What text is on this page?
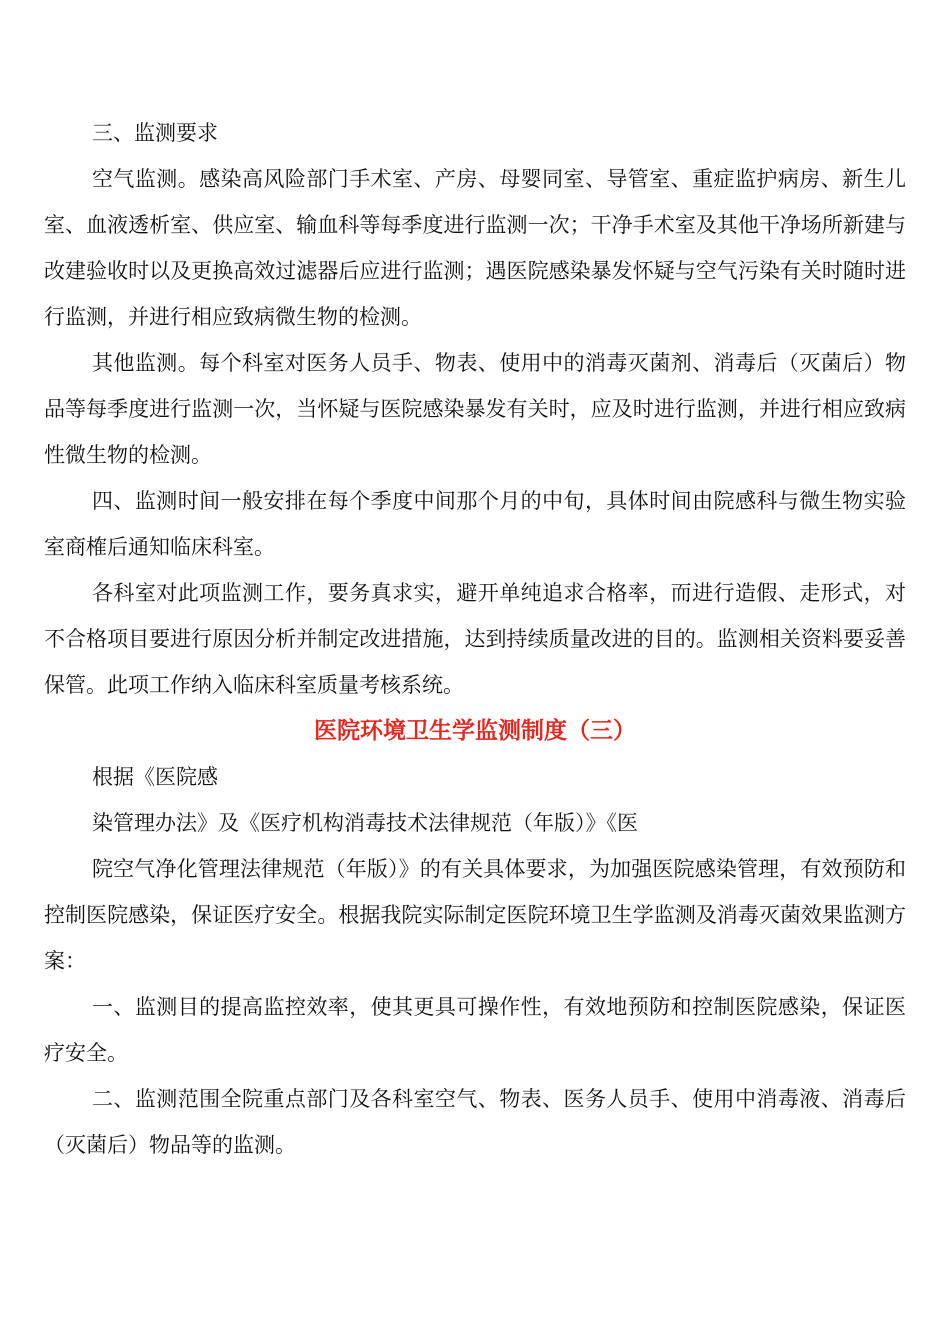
三、监测要求

空气监测。感染高风险部门手术室、产房、母婴同室、导管室、重症监护病房、新生儿室、血液透析室、供应室、输血科等每季度进行监测一次；干净手术室及其他干净场所新建与改建验收时以及更换高效过滤器后应进行监测；遇医院感染暴发怀疑与空气污染有关时随时进行监测，并进行相应致病微生物的检测。

其他监测。每个科室对医务人员手、物表、使用中的消毒灭菌剂、消毒后（灭菌后）物品等每季度进行监测一次，当怀疑与医院感染暴发有关时，应及时进行监测，并进行相应致病性微生物的检测。

四、监测时间一般安排在每个季度中间那个月的中旬，具体时间由院感科与微生物实验室商榷后通知临床科室。

各科室对此项监测工作，要务真求实，避开单纯追求合格率，而进行造假、走形式，对不合格项目要进行原因分析并制定改进措施，达到持续质量改进的目的。监测相关资料要妥善保管。此项工作纳入临床科室质量考核系统。

医院环境卫生学监测制度（三）

根据《医院感

染管理办法》及《医疗机构消毒技术法律规范（年版）》《医

院空气净化管理法律规范（年版）》的有关具体要求，为加强医院感染管理，有效预防和控制医院感染，保证医疗安全。根据我院实际制定医院环境卫生学监测及消毒灭菌效果监测方案：

一、监测目的提高监控效率，使其更具可操作性，有效地预防和控制医院感染，保证医疗安全。

二、监测范围全院重点部门及各科室空气、物表、医务人员手、使用中消毒液、消毒后（灭菌后）物品等的监测。
